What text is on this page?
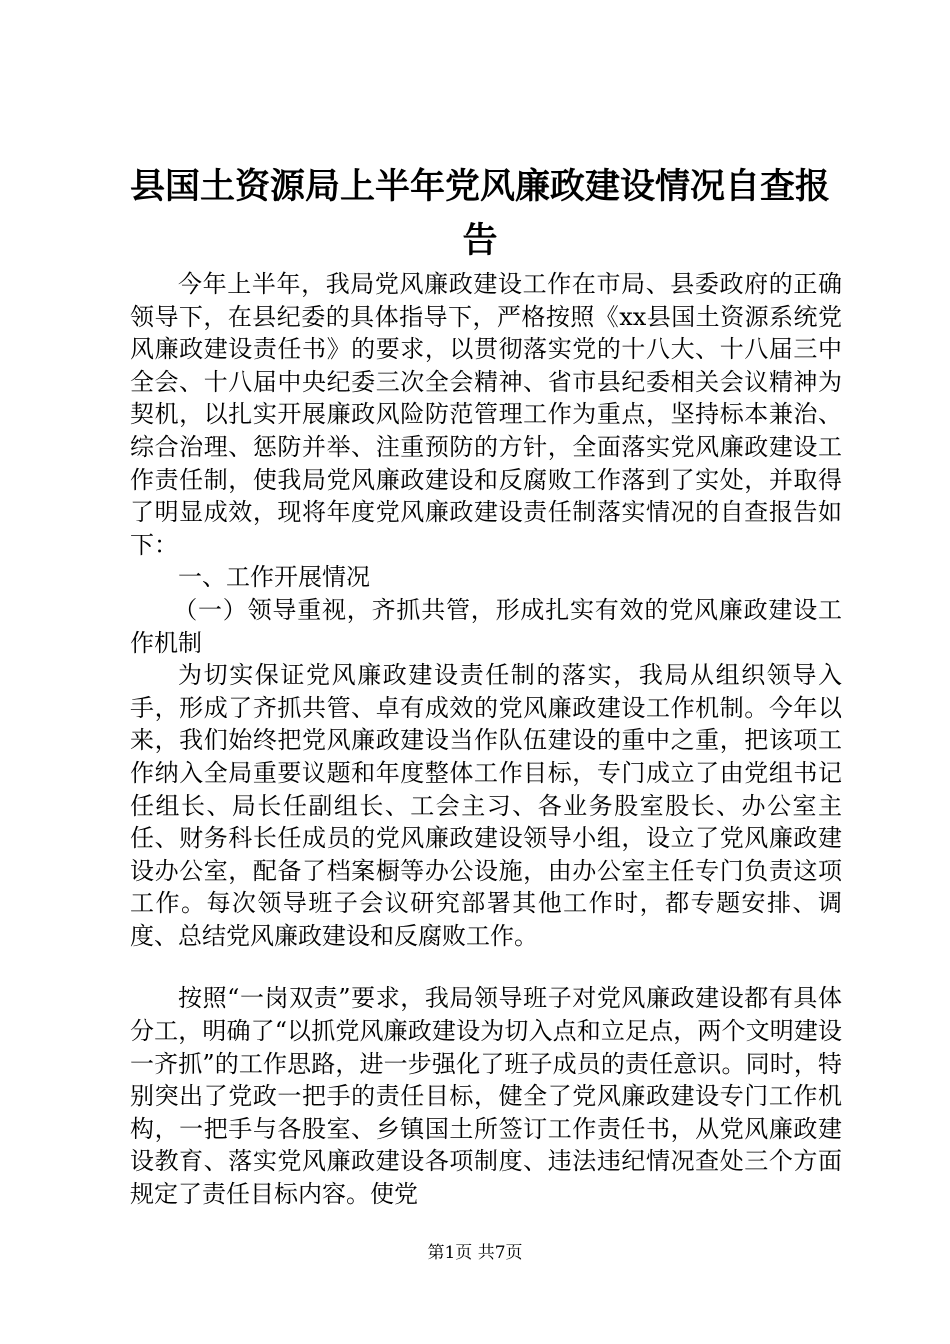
县国土资源局上半年党风廉政建设情况自查报告

今年上半年，我局党风廉政建设工作在市局、县委政府的正确领导下，在县纪委的具体指导下，严格按照《xx县国土资源系统党风廉政建设责任书》的要求，以贯彻落实党的十八大、十八届三中全会、十八届中央纪委三次全会精神、省市县纪委相关会议精神为契机，以扎实开展廉政风险防范管理工作为重点，坚持标本兼治、综合治理、惩防并举、注重预防的方针，全面落实党风廉政建设工作责任制，使我局党风廉政建设和反腐败工作落到了实处，并取得了明显成效，现将年度党风廉政建设责任制落实情况的自查报告如下：

一、工作开展情况

（一）领导重视，齐抓共管，形成扎实有效的党风廉政建设工作机制

为切实保证党风廉政建设责任制的落实，我局从组织领导入手，形成了齐抓共管、卓有成效的党风廉政建设工作机制。今年以来，我们始终把党风廉政建设当作队伍建设的重中之重，把该项工作纳入全局重要议题和年度整体工作目标，专门成立了由党组书记任组长、局长任副组长、工会主习、各业务股室股长、办公室主任、财务科长任成员的党风廉政建设领导小组，设立了党风廉政建设办公室，配备了档案橱等办公设施，由办公室主任专门负责这项工作。每次领导班子会议研究部署其他工作时，都专题安排、调度、总结党风廉政建设和反腐败工作。

按照“一岗双责”要求，我局领导班子对党风廉政建设都有具体分工，明确了“以抓党风廉政建设为切入点和立足点，两个文明建设一齐抓”的工作思路，进一步强化了班子成员的责任意识。同时，特别突出了党政一把手的责任目标，健全了党风廉政建设专门工作机构，一把手与各股室、乡镇国土所签订工作责任书，从党风廉政建设教育、落实党风廉政建设各项制度、违法违纪情况查处三个方面规定了责任目标内容。使党

第1页 共7页
